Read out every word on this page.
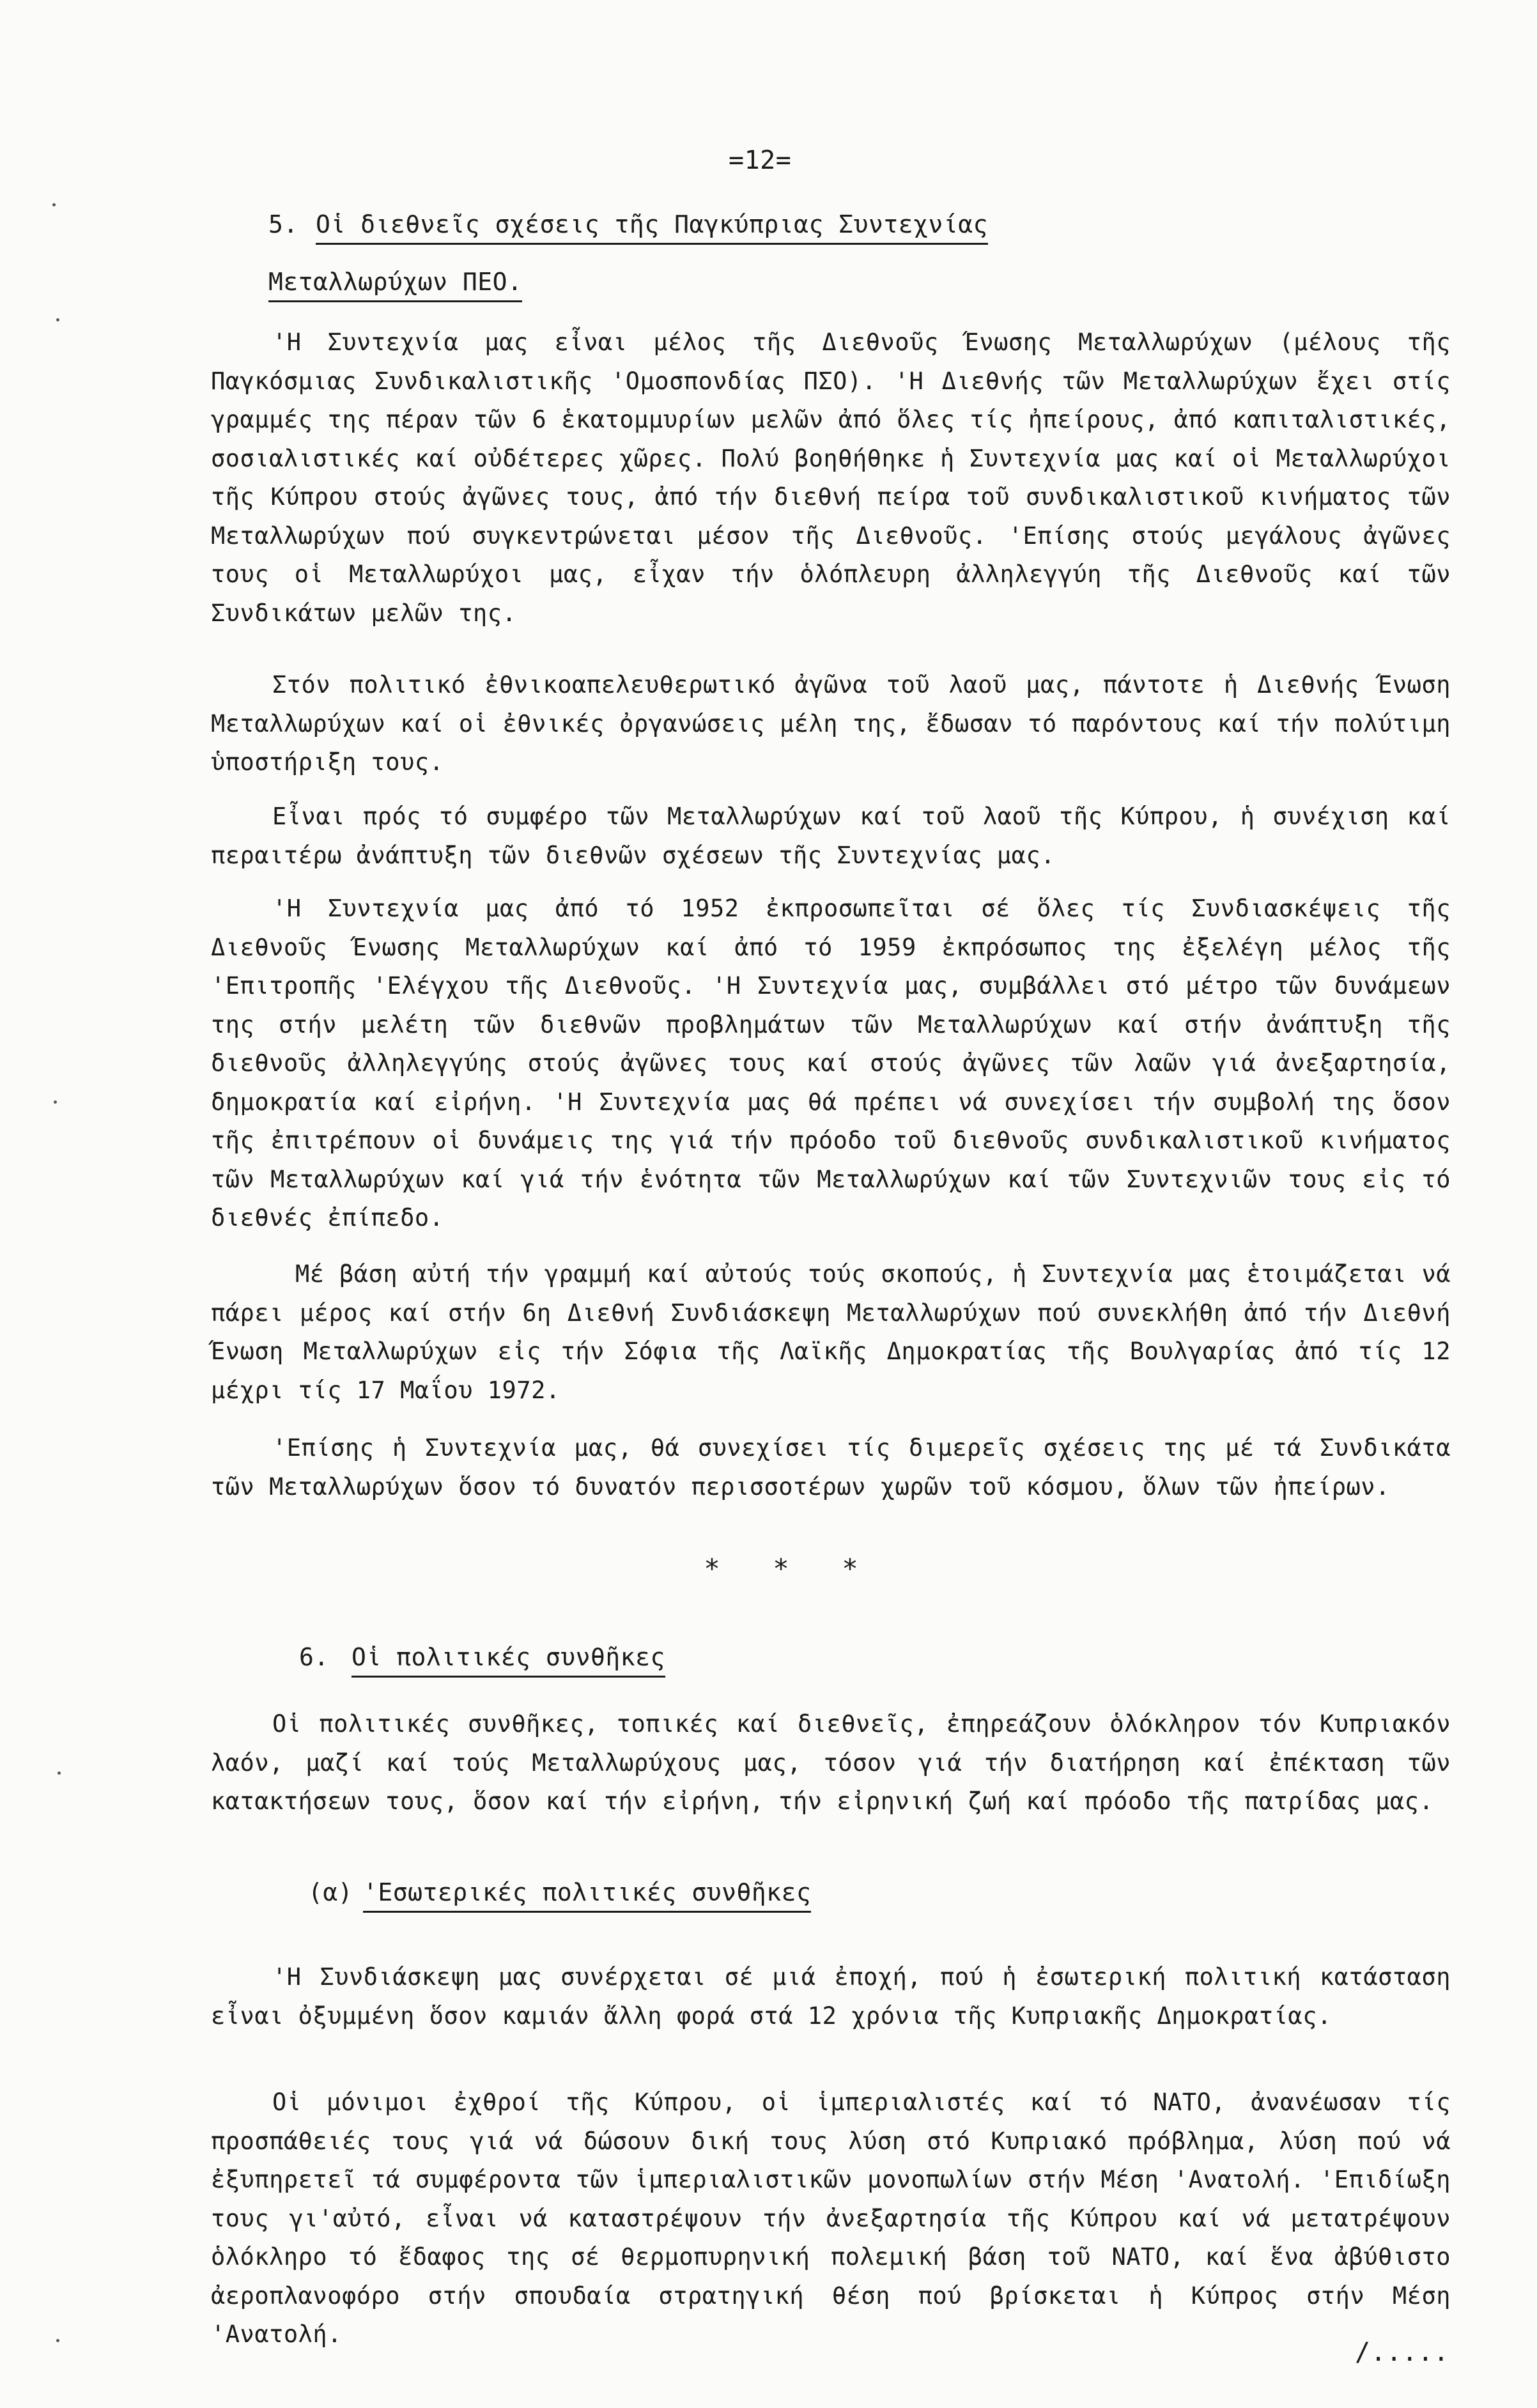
=12=
5. Οἱ διεθνεῖς σχέσεις τῆς Παγκύπριας Συντεχνίας
Μεταλλωρύχων ΠΕΟ.
'Η Συντεχνία μας εἶναι μέλος τῆς Διεθνοῦς Ένωσης Μεταλλωρύχων (μέλους τῆς Παγκόσμιας Συνδικαλιστικῆς 'Ομοσπονδίας ΠΣΟ). 'Η Διεθνής τῶν Μεταλλωρύχων ἔχει στίς γραμμές της πέραν τῶν 6 ἑκατομμυρίων μελῶν ἀπό ὅλες τίς ἠπείρους, ἀπό καπιταλιστικές, σοσιαλιστικές καί οὐδέτερες χῶρες. Πολύ βοηθήθηκε ἡ Συντεχνία μας καί οἱ Μεταλλωρύχοι τῆς Κύπρου στούς ἀγῶνες τους, ἀπό τήν διεθνή πείρα τοῦ συνδικαλιστικοῦ κινήματος τῶν Μεταλλωρύχων πού συγκεντρώνεται μέσον τῆς Διεθνοῦς. 'Επίσης στούς μεγάλους ἀγῶνες τους οἱ Μεταλλωρύχοι μας, εἶχαν τήν ὁλόπλευρη ἀλληλεγγύη τῆς Διεθνοῦς καί τῶν Συνδικάτων μελῶν της.
Στόν πολιτικό ἐθνικοαπελευθερωτικό ἀγῶνα τοῦ λαοῦ μας, πάντοτε ἡ Διεθνής Ένωση Μεταλλωρύχων καί οἱ ἐθνικές ὀργανώσεις μέλη της, ἔδωσαν τό παρόντους καί τήν πολύτιμη ὑποστήριξη τους.
Εἶναι πρός τό συμφέρο τῶν Μεταλλωρύχων καί τοῦ λαοῦ τῆς Κύπρου, ἡ συνέχιση καί περαιτέρω ἀνάπτυξη τῶν διεθνῶν σχέσεων τῆς Συντεχνίας μας.
'Η Συντεχνία μας ἀπό τό 1952 ἐκπροσωπεῖται σέ ὅλες τίς Συνδιασκέψεις τῆς Διεθνοῦς Ένωσης Μεταλλωρύχων καί ἀπό τό 1959 ἐκπρόσωπος της ἐξελέγη μέλος τῆς 'Επιτροπῆς 'Ελέγχου τῆς Διεθνοῦς. 'Η Συντεχνία μας, συμβάλλει στό μέτρο τῶν δυνάμεων της στήν μελέτη τῶν διεθνῶν προβλημάτων τῶν Μεταλλωρύχων καί στήν ἀνάπτυξη τῆς διεθνοῦς ἀλληλεγγύης στούς ἀγῶνες τους καί στούς ἀγῶνες τῶν λαῶν γιά ἀνεξαρτησία, δημοκρατία καί εἰρήνη. 'Η Συντεχνία μας θά πρέπει νά συνεχίσει τήν συμβολή της ὅσον τῆς ἐπιτρέπουν οἱ δυνάμεις της γιά τήν πρόοδο τοῦ διεθνοῦς συνδικαλιστικοῦ κινήματος τῶν Μεταλλωρύχων καί γιά τήν ἑνότητα τῶν Μεταλλωρύχων καί τῶν Συντεχνιῶν τους εἰς τό διεθνές ἐπίπεδο.
Μέ βάση αὐτή τήν γραμμή καί αὐτούς τούς σκοπούς, ἡ Συντεχνία μας ἑτοιμάζεται νά πάρει μέρος καί στήν 6η Διεθνή Συνδιάσκεψη Μεταλλωρύχων πού συνεκλήθη ἀπό τήν Διεθνή Ένωση Μεταλλωρύχων εἰς τήν Σόφια τῆς Λαϊκῆς Δημοκρατίας τῆς Βουλγαρίας ἀπό τίς 12 μέχρι τίς 17 Μαΐου 1972.
'Επίσης ἡ Συντεχνία μας, θά συνεχίσει τίς διμερεῖς σχέσεις της μέ τά Συνδικάτα τῶν Μεταλλωρύχων ὅσον τό δυνατόν περισσοτέρων χωρῶν τοῦ κόσμου, ὅλων τῶν ἠπείρων.
* * *
6. Οἱ πολιτικές συνθῆκες
Οἱ πολιτικές συνθῆκες, τοπικές καί διεθνεῖς, ἐπηρεάζουν ὁλόκληρον τόν Κυπριακόν λαόν, μαζί καί τούς Μεταλλωρύχους μας, τόσον γιά τήν διατήρηση καί ἐπέκταση τῶν κατακτήσεων τους, ὅσον καί τήν εἰρήνη, τήν εἰρηνική ζωή καί πρόοδο τῆς πατρίδας μας.
(α) 'Εσωτερικές πολιτικές συνθῆκες
'Η Συνδιάσκεψη μας συνέρχεται σέ μιά ἐποχή, πού ἡ ἐσωτερική πολιτική κατάσταση εἶναι ὀξυμμένη ὅσον καμιάν ἄλλη φορά στά 12 χρόνια τῆς Κυπριακῆς Δημοκρατίας.
Οἱ μόνιμοι ἐχθροί τῆς Κύπρου, οἱ ἱμπεριαλιστές καί τό ΝΑΤΟ, ἀνανέωσαν τίς προσπάθειές τους γιά νά δώσουν δική τους λύση στό Κυπριακό πρόβλημα, λύση πού νά ἐξυπηρετεῖ τά συμφέροντα τῶν ἱμπεριαλιστικῶν μονοπωλίων στήν Μέση 'Ανατολή. 'Επιδίωξη τους γι'αὐτό, εἶναι νά καταστρέψουν τήν ἀνεξαρτησία τῆς Κύπρου καί νά μετατρέψουν ὁλόκληρο τό ἔδαφος της σέ θερμοπυρηνική πολεμική βάση τοῦ ΝΑΤΟ, καί ἕνα ἀβύθιστο ἀεροπλανοφόρο στήν σπουδαία στρατηγική θέση πού βρίσκεται ἡ Κύπρος στήν Μέση 'Ανατολή.
/.....
